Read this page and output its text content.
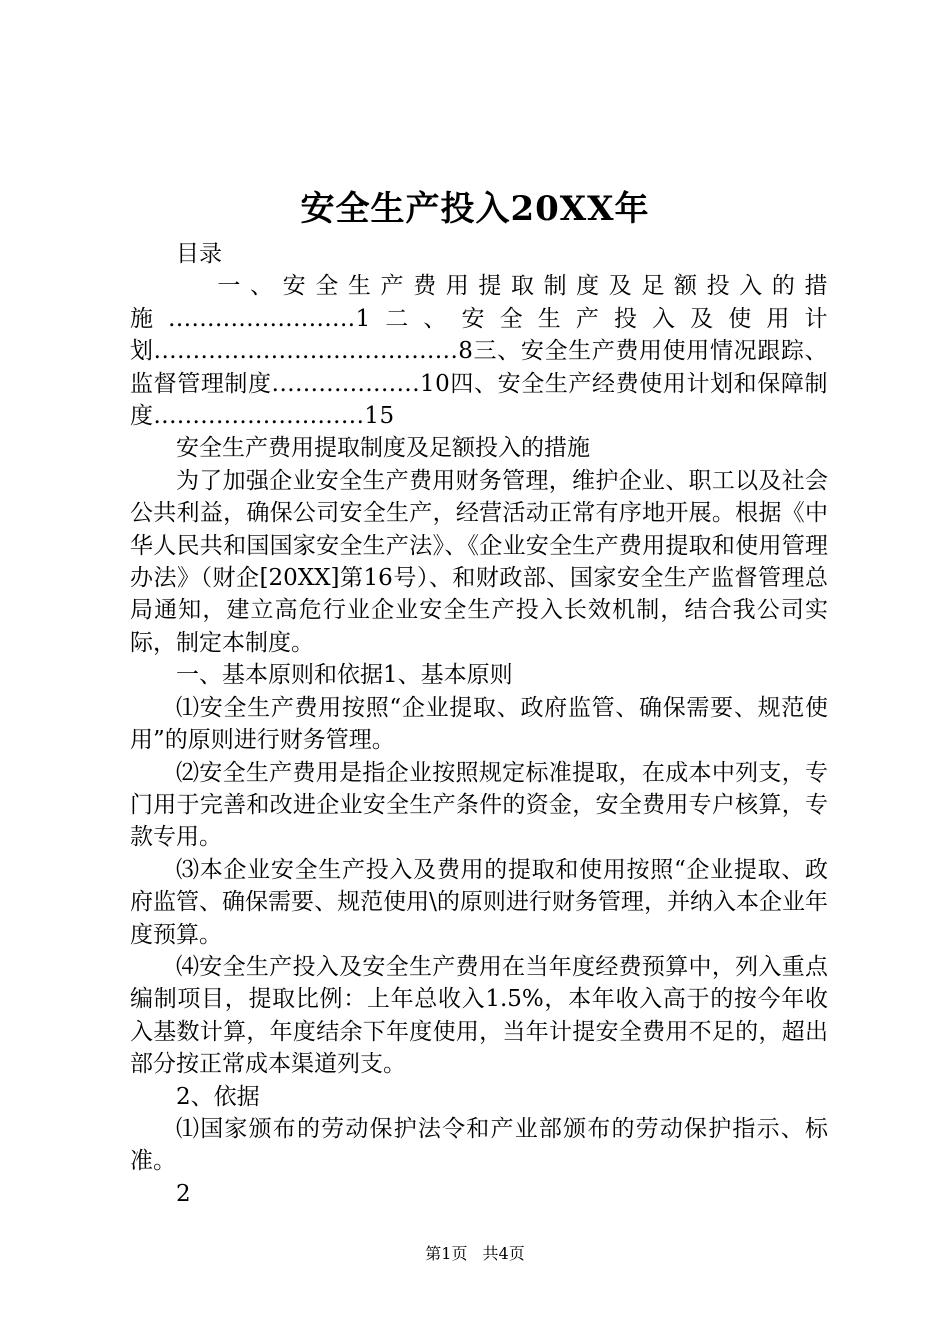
安全生产投入20XX年

目录

一、安全生产费用提取制度及足额投入的措施........................1二、安全生产投入及使用计划.......................................8三、安全生产费用使用情况跟踪、监督管理制度...................10四、安全生产经费使用计划和保障制度...........................15

安全生产费用提取制度及足额投入的措施

为了加强企业安全生产费用财务管理，维护企业、职工以及社会公共利益，确保公司安全生产，经营活动正常有序地开展。根据《中华人民共和国国家安全生产法》、《企业安全生产费用提取和使用管理办法》（财企[20XX]第16号）、和财政部、国家安全生产监督管理总局通知，建立高危行业企业安全生产投入长效机制，结合我公司实际，制定本制度。

一、基本原则和依据1、基本原则

⑴安全生产费用按照“企业提取、政府监管、确保需要、规范使用”的原则进行财务管理。

⑵安全生产费用是指企业按照规定标准提取，在成本中列支，专门用于完善和改进企业安全生产条件的资金，安全费用专户核算，专款专用。

⑶本企业安全生产投入及费用的提取和使用按照“企业提取、政府监管、确保需要、规范使用\的原则进行财务管理，并纳入本企业年度预算。

⑷安全生产投入及安全生产费用在当年度经费预算中，列入重点编制项目，提取比例：上年总收入1.5%，本年收入高于的按今年收入基数计算，年度结余下年度使用，当年计提安全费用不足的，超出部分按正常成本渠道列支。

2、依据

⑴国家颁布的劳动保护法令和产业部颁布的劳动保护指示、标准。

2

第1页 共4页
